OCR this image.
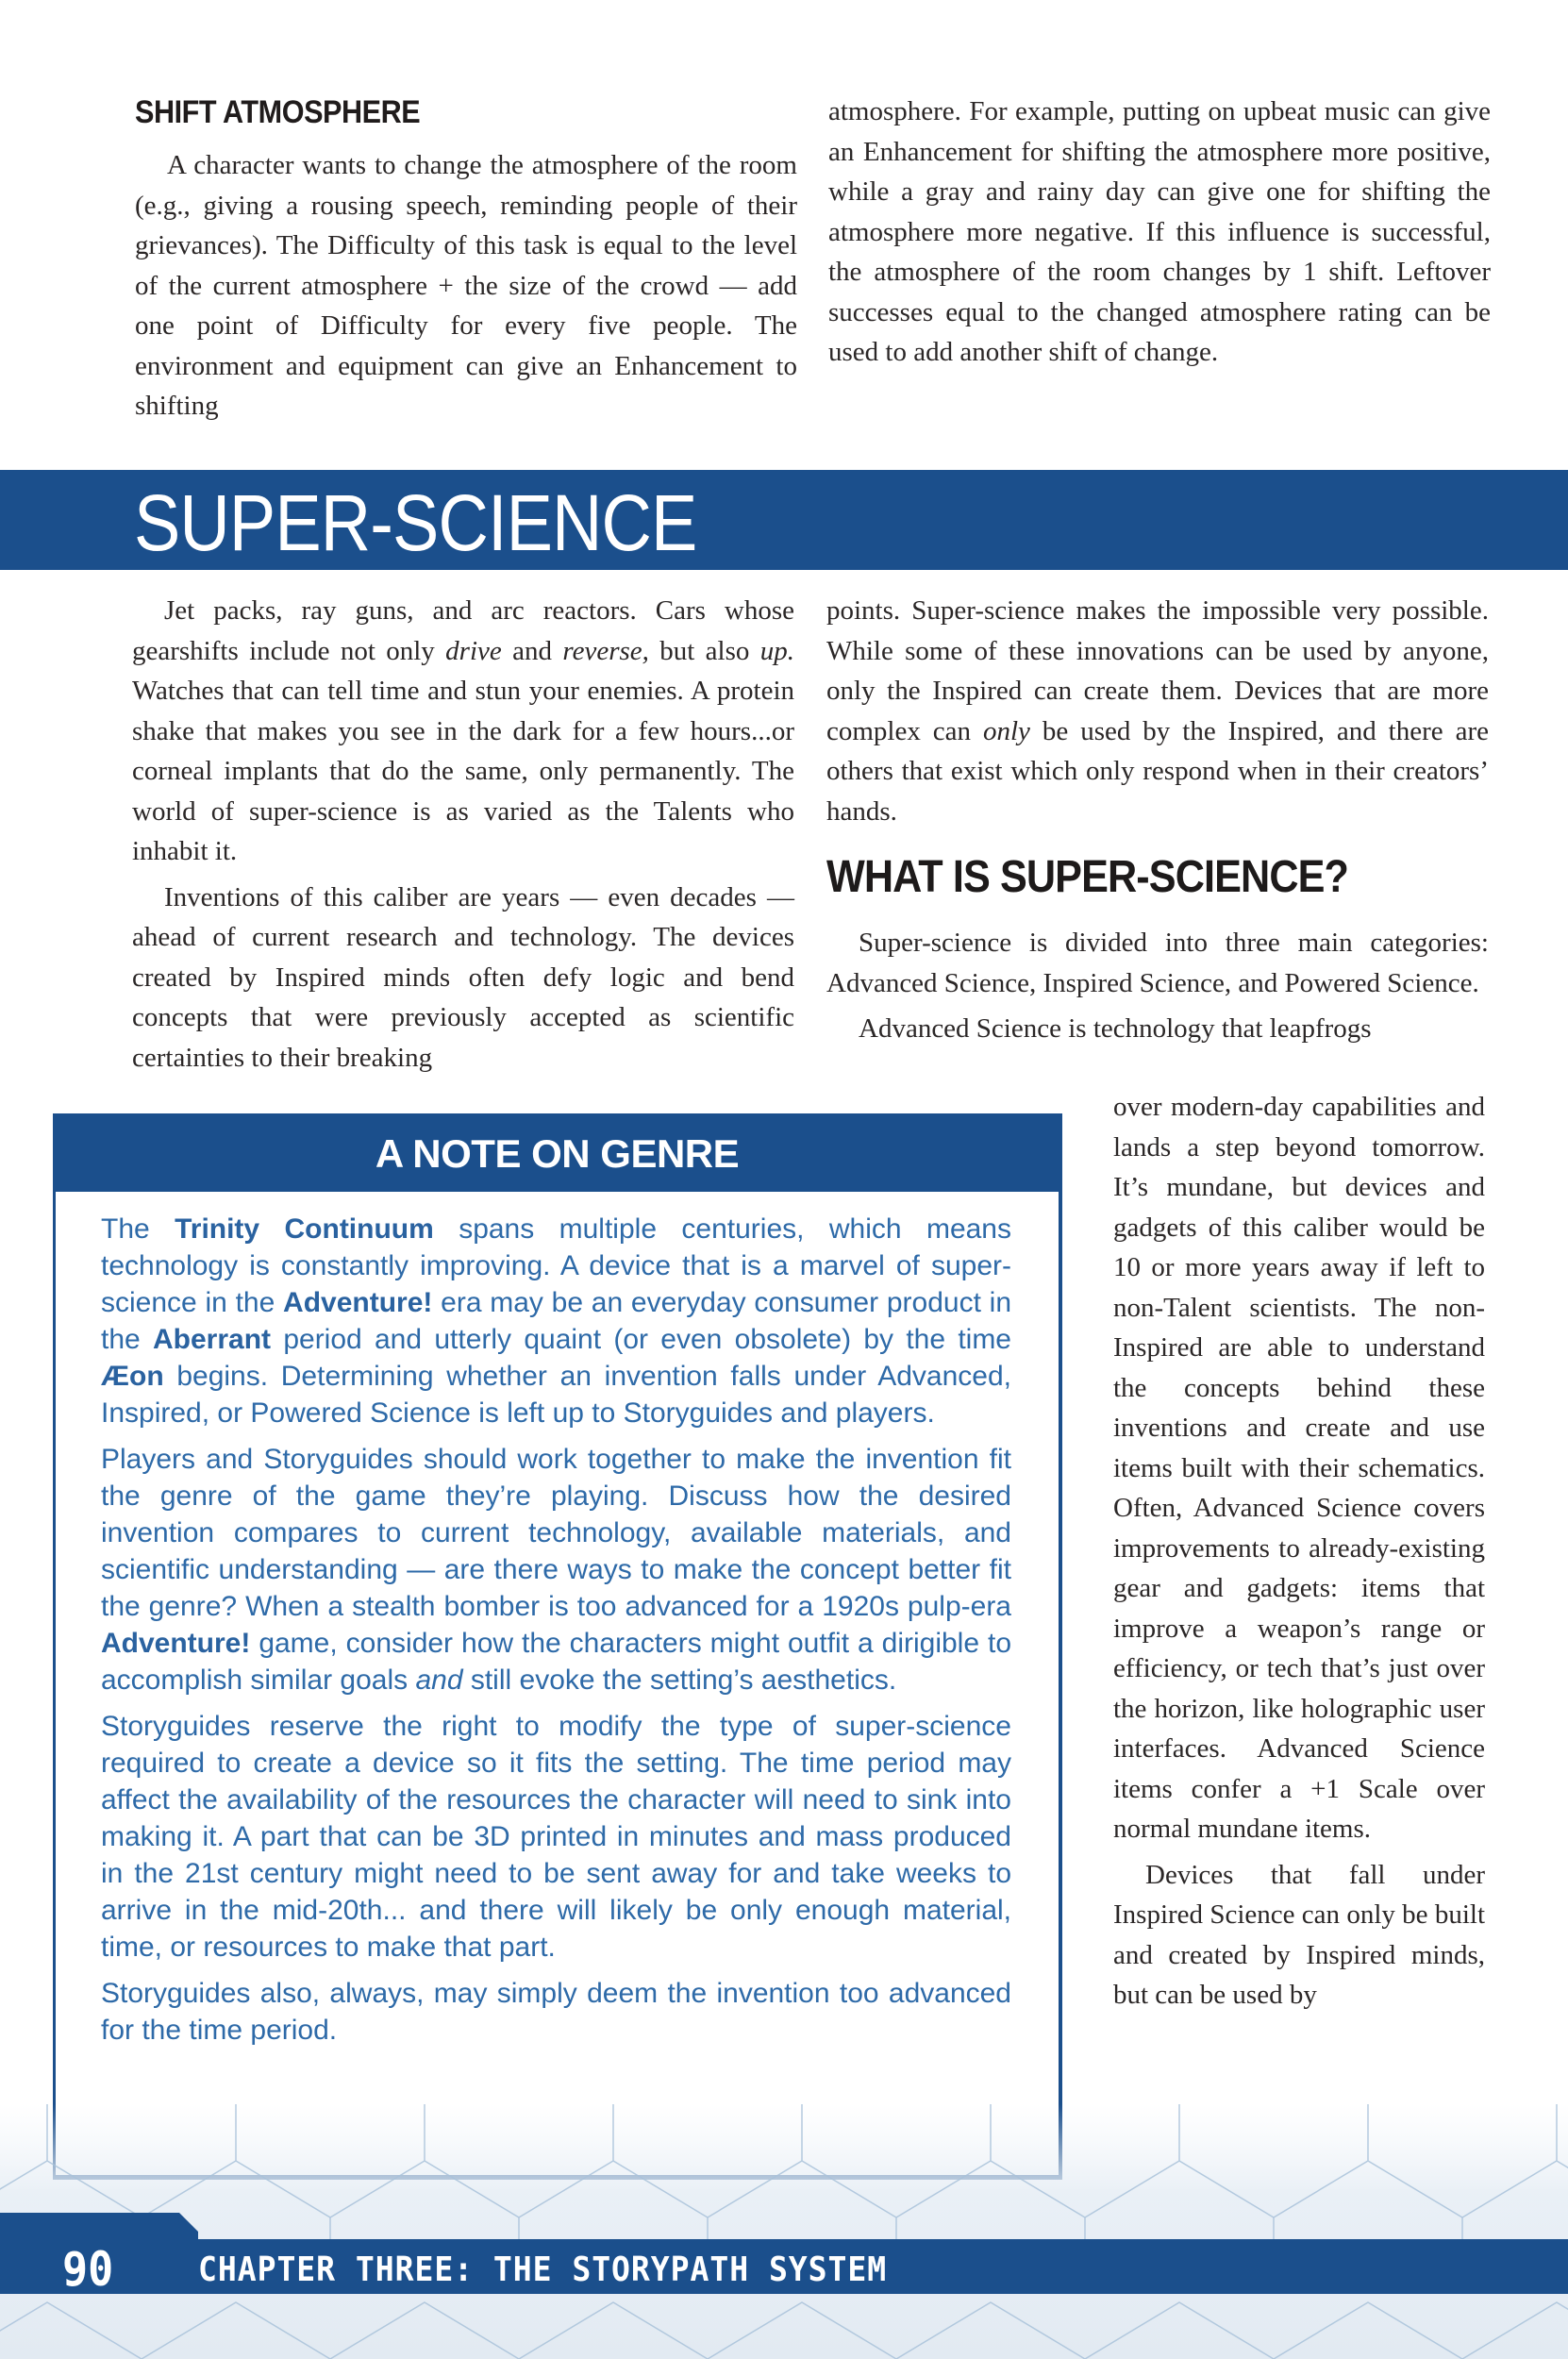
SHIFT ATMOSPHERE

A character wants to change the atmosphere of the room (e.g., giving a rousing speech, reminding people of their grievances). The Difficulty of this task is equal to the level of the current atmosphere + the size of the crowd — add one point of Difficulty for every five people. The environment and equipment can give an Enhancement to shifting

atmosphere. For example, putting on upbeat music can give an Enhancement for shifting the atmosphere more positive, while a gray and rainy day can give one for shifting the atmosphere more negative. If this influence is successful, the atmosphere of the room changes by 1 shift. Leftover successes equal to the changed atmosphere rating can be used to add another shift of change.

SUPER-SCIENCE

Jet packs, ray guns, and arc reactors. Cars whose gearshifts include not only drive and reverse, but also up. Watches that can tell time and stun your enemies. A protein shake that makes you see in the dark for a few hours...or corneal implants that do the same, only permanently. The world of super-science is as varied as the Talents who inhabit it.

Inventions of this caliber are years — even decades — ahead of current research and technology. The devices created by Inspired minds often defy logic and bend concepts that were previously accepted as scientific certainties to their breaking

points. Super-science makes the impossible very possible. While some of these innovations can be used by anyone, only the Inspired can create them. Devices that are more complex can only be used by the Inspired, and there are others that exist which only respond when in their creators’ hands.

WHAT IS SUPER-SCIENCE?

Super-science is divided into three main categories: Advanced Science, Inspired Science, and Powered Science.

Advanced Science is technology that leapfrogs

over modern-day capabilities and lands a step beyond tomorrow. It’s mundane, but devices and gadgets of this caliber would be 10 or more years away if left to non-Talent scientists. The non-Inspired are able to understand the concepts behind these inventions and create and use items built with their schematics. Often, Advanced Science covers improvements to already-existing gear and gadgets: items that improve a weapon’s range or efficiency, or tech that’s just over the horizon, like holographic user interfaces. Advanced Science items confer a +1 Scale over normal mundane items.

Devices that fall under Inspired Science can only be built and created by Inspired minds, but can be used by

A NOTE ON GENRE

The Trinity Continuum spans multiple centuries, which means technology is constantly improving. A device that is a marvel of super-science in the Adventure! era may be an everyday consumer product in the Aberrant period and utterly quaint (or even obsolete) by the time Æon begins. Determining whether an invention falls under Advanced, Inspired, or Powered Science is left up to Storyguides and players.

Players and Storyguides should work together to make the invention fit the genre of the game they’re playing. Discuss how the desired invention compares to current technology, available materials, and scientific understanding — are there ways to make the concept better fit the genre? When a stealth bomber is too advanced for a 1920s pulp-era Adventure! game, consider how the characters might outfit a dirigible to accomplish similar goals and still evoke the setting’s aesthetics.

Storyguides reserve the right to modify the type of super-science required to create a device so it fits the setting. The time period may affect the availability of the resources the character will need to sink into making it. A part that can be 3D printed in minutes and mass produced in the 21st century might need to be sent away for and take weeks to arrive in the mid-20th... and there will likely be only enough material, time, or resources to make that part.

Storyguides also, always, may simply deem the invention too advanced for the time period.

90 CHAPTER THREE: THE STORYPATH SYSTEM
